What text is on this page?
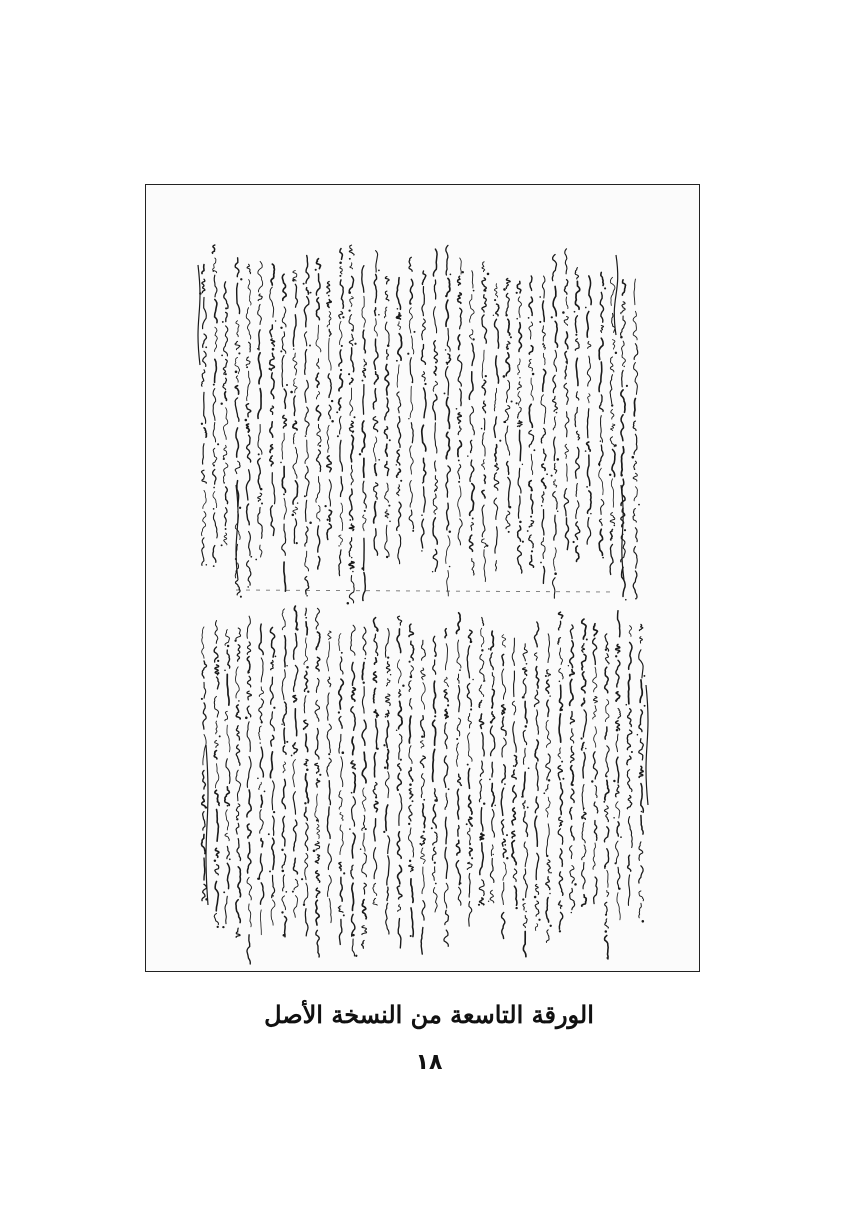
الورقة التاسعة من النسخة الأصل
١٨
